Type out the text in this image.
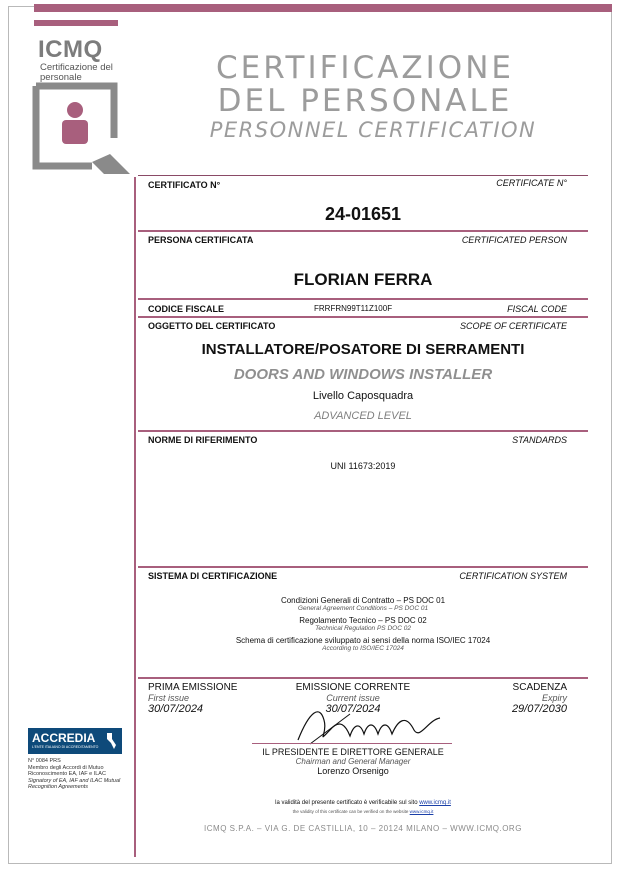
ICMQ
Certificazione del personale	CERTIFICAZIONE
DEL PERSONALE
PERSONNEL CERTIFICATION
CERTIFICATO N°	CERTIFICATE N°
24-01651
PERSONA CERTIFICATA	CERTIFICATED PERSON
FLORIAN FERRA
CODICE FISCALE	FRRFRN99T11Z100F	FISCAL CODE
OGGETTO DEL CERTIFICATO	SCOPE OF CERTIFICATE
INSTALLATORE/POSATORE DI SERRAMENTI
DOORS AND WINDOWS INSTALLER
Livello Caposquadra
ADVANCED LEVEL
NORME DI RIFERIMENTO	STANDARDS
UNI 11673:2019
SISTEMA DI CERTIFICAZIONE	CERTIFICATION SYSTEM
Condizioni Generali di Contratto – PS DOC 01
General Agreement Conditions – PS DOC 01
Regolamento Tecnico – PS DOC 02
Technical Regulation PS DOC 02
Schema di certificazione sviluppato ai sensi della norma ISO/IEC 17024
According to ISO/IEC 17024
PRIMA EMISSIONE
First issue
30/07/2024
EMISSIONE CORRENTE
Current issue
30/07/2024
SCADENZA
Expiry
29/07/2030
IL PRESIDENTE E DIRETTORE GENERALE
Chairman and General Manager
Lorenzo Orsenigo
ACCREDIA
L'ENTE ITALIANO DI ACCREDITAMENTO
N° 0084 PRS
Membro degli Accordi di Mutuo Riconoscimento EA, IAF e ILAC
Signatory of EA, IAF and ILAC Mutual Recognition Agreements
la validità del presente certificato è verificabile sul sito www.icmq.it
the validity of this certificate can be verified on the website www.icmq.it
ICMQ S.P.A. – VIA G. DE CASTILLIA, 10 – 20124 MILANO – WWW.ICMQ.ORG
